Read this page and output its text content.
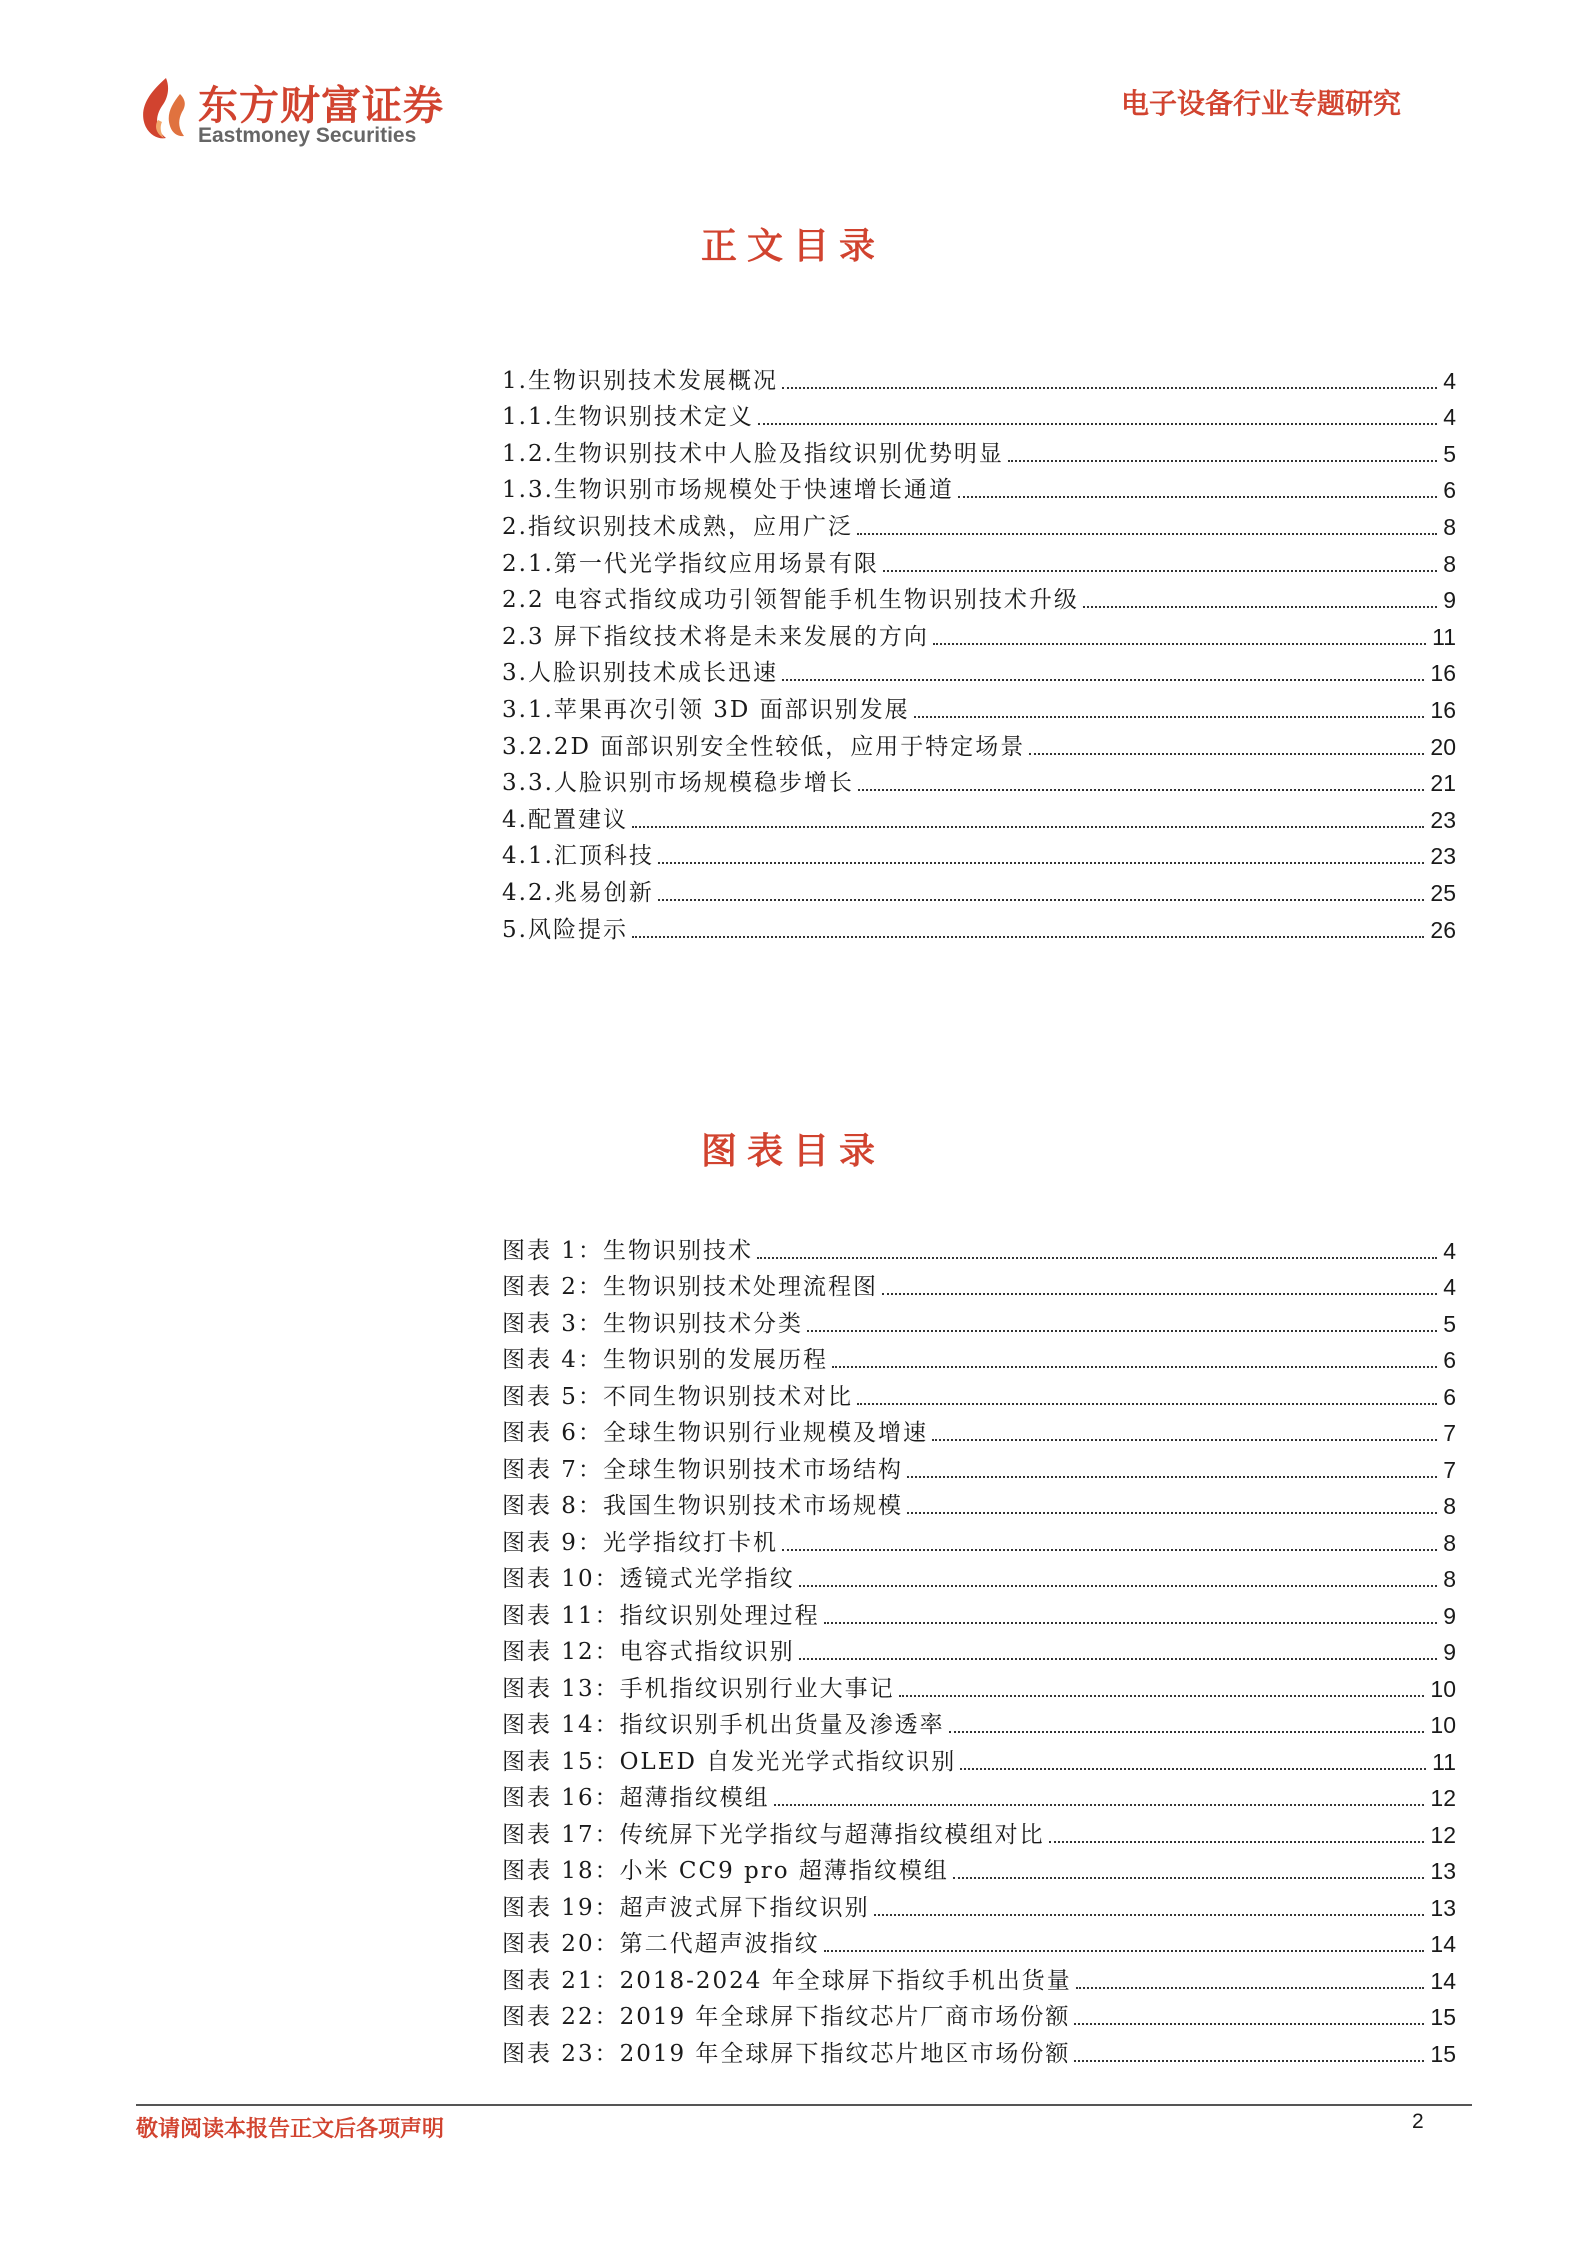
东方财富证券
Eastmoney Securities
电子设备行业专题研究
正文目录
1.生物识别技术发展概况	4
1.1.生物识别技术定义	4
1.2.生物识别技术中人脸及指纹识别优势明显	5
1.3.生物识别市场规模处于快速增长通道	6
2.指纹识别技术成熟，应用广泛	8
2.1.第一代光学指纹应用场景有限	8
2.2 电容式指纹成功引领智能手机生物识别技术升级	9
2.3 屏下指纹技术将是未来发展的方向	11
3.人脸识别技术成长迅速	16
3.1.苹果再次引领 3D 面部识别发展	16
3.2.2D 面部识别安全性较低，应用于特定场景	20
3.3.人脸识别市场规模稳步增长	21
4.配置建议	23
4.1.汇顶科技	23
4.2.兆易创新	25
5.风险提示	26
图表目录
图表 1：生物识别技术	4
图表 2：生物识别技术处理流程图	4
图表 3：生物识别技术分类	5
图表 4：生物识别的发展历程	6
图表 5：不同生物识别技术对比	6
图表 6：全球生物识别行业规模及增速	7
图表 7：全球生物识别技术市场结构	7
图表 8：我国生物识别技术市场规模	8
图表 9：光学指纹打卡机	8
图表 10：透镜式光学指纹	8
图表 11：指纹识别处理过程	9
图表 12：电容式指纹识别	9
图表 13：手机指纹识别行业大事记	10
图表 14：指纹识别手机出货量及渗透率	10
图表 15：OLED 自发光光学式指纹识别	11
图表 16：超薄指纹模组	12
图表 17：传统屏下光学指纹与超薄指纹模组对比	12
图表 18：小米 CC9 pro 超薄指纹模组	13
图表 19：超声波式屏下指纹识别	13
图表 20：第二代超声波指纹	14
图表 21：2018-2024 年全球屏下指纹手机出货量	14
图表 22：2019 年全球屏下指纹芯片厂商市场份额	15
图表 23：2019 年全球屏下指纹芯片地区市场份额	15
敬请阅读本报告正文后各项声明	2
